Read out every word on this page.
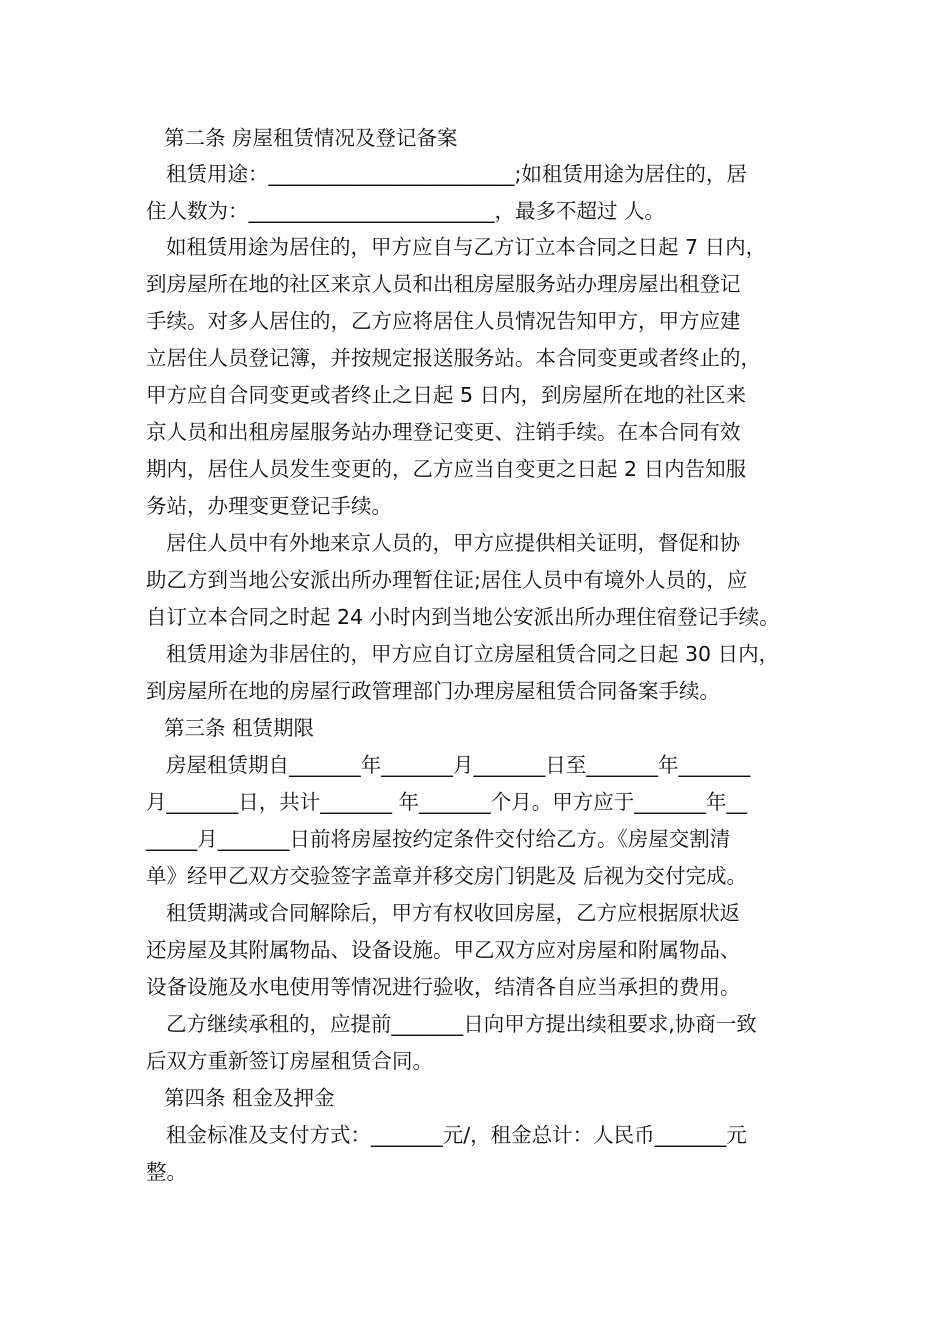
第二条 房屋租赁情况及登记备案

租赁用途：________________________;如租赁用途为居住的，居

住人数为：________________________，最多不超过 人。

如租赁用途为居住的，甲方应自与乙方订立本合同之日起 7 日内，

到房屋所在地的社区来京人员和出租房屋服务站办理房屋出租登记

手续。对多人居住的，乙方应将居住人员情况告知甲方，甲方应建

立居住人员登记簿，并按规定报送服务站。本合同变更或者终止的，

甲方应自合同变更或者终止之日起 5 日内，到房屋所在地的社区来

京人员和出租房屋服务站办理登记变更、注销手续。在本合同有效

期内，居住人员发生变更的，乙方应当自变更之日起 2 日内告知服

务站，办理变更登记手续。

居住人员中有外地来京人员的，甲方应提供相关证明，督促和协

助乙方到当地公安派出所办理暂住证;居住人员中有境外人员的，应

自订立本合同之时起 24 小时内到当地公安派出所办理住宿登记手续。

租赁用途为非居住的，甲方应自订立房屋租赁合同之日起 30 日内，

到房屋所在地的房屋行政管理部门办理房屋租赁合同备案手续。

第三条 租赁期限

房屋租赁期自_______年_______月_______日至_______年_______

月_______日，共计_______ 年_______个月。甲方应于_______年__

_____月_______日前将房屋按约定条件交付给乙方。《房屋交割清

单》经甲乙双方交验签字盖章并移交房门钥匙及 后视为交付完成。

租赁期满或合同解除后，甲方有权收回房屋，乙方应根据原状返

还房屋及其附属物品、设备设施。甲乙双方应对房屋和附属物品、

设备设施及水电使用等情况进行验收，结清各自应当承担的费用。

乙方继续承租的，应提前_______日向甲方提出续租要求,协商一致

后双方重新签订房屋租赁合同。

第四条 租金及押金

租金标准及支付方式：_______元/，租金总计：人民币_______元

整。
